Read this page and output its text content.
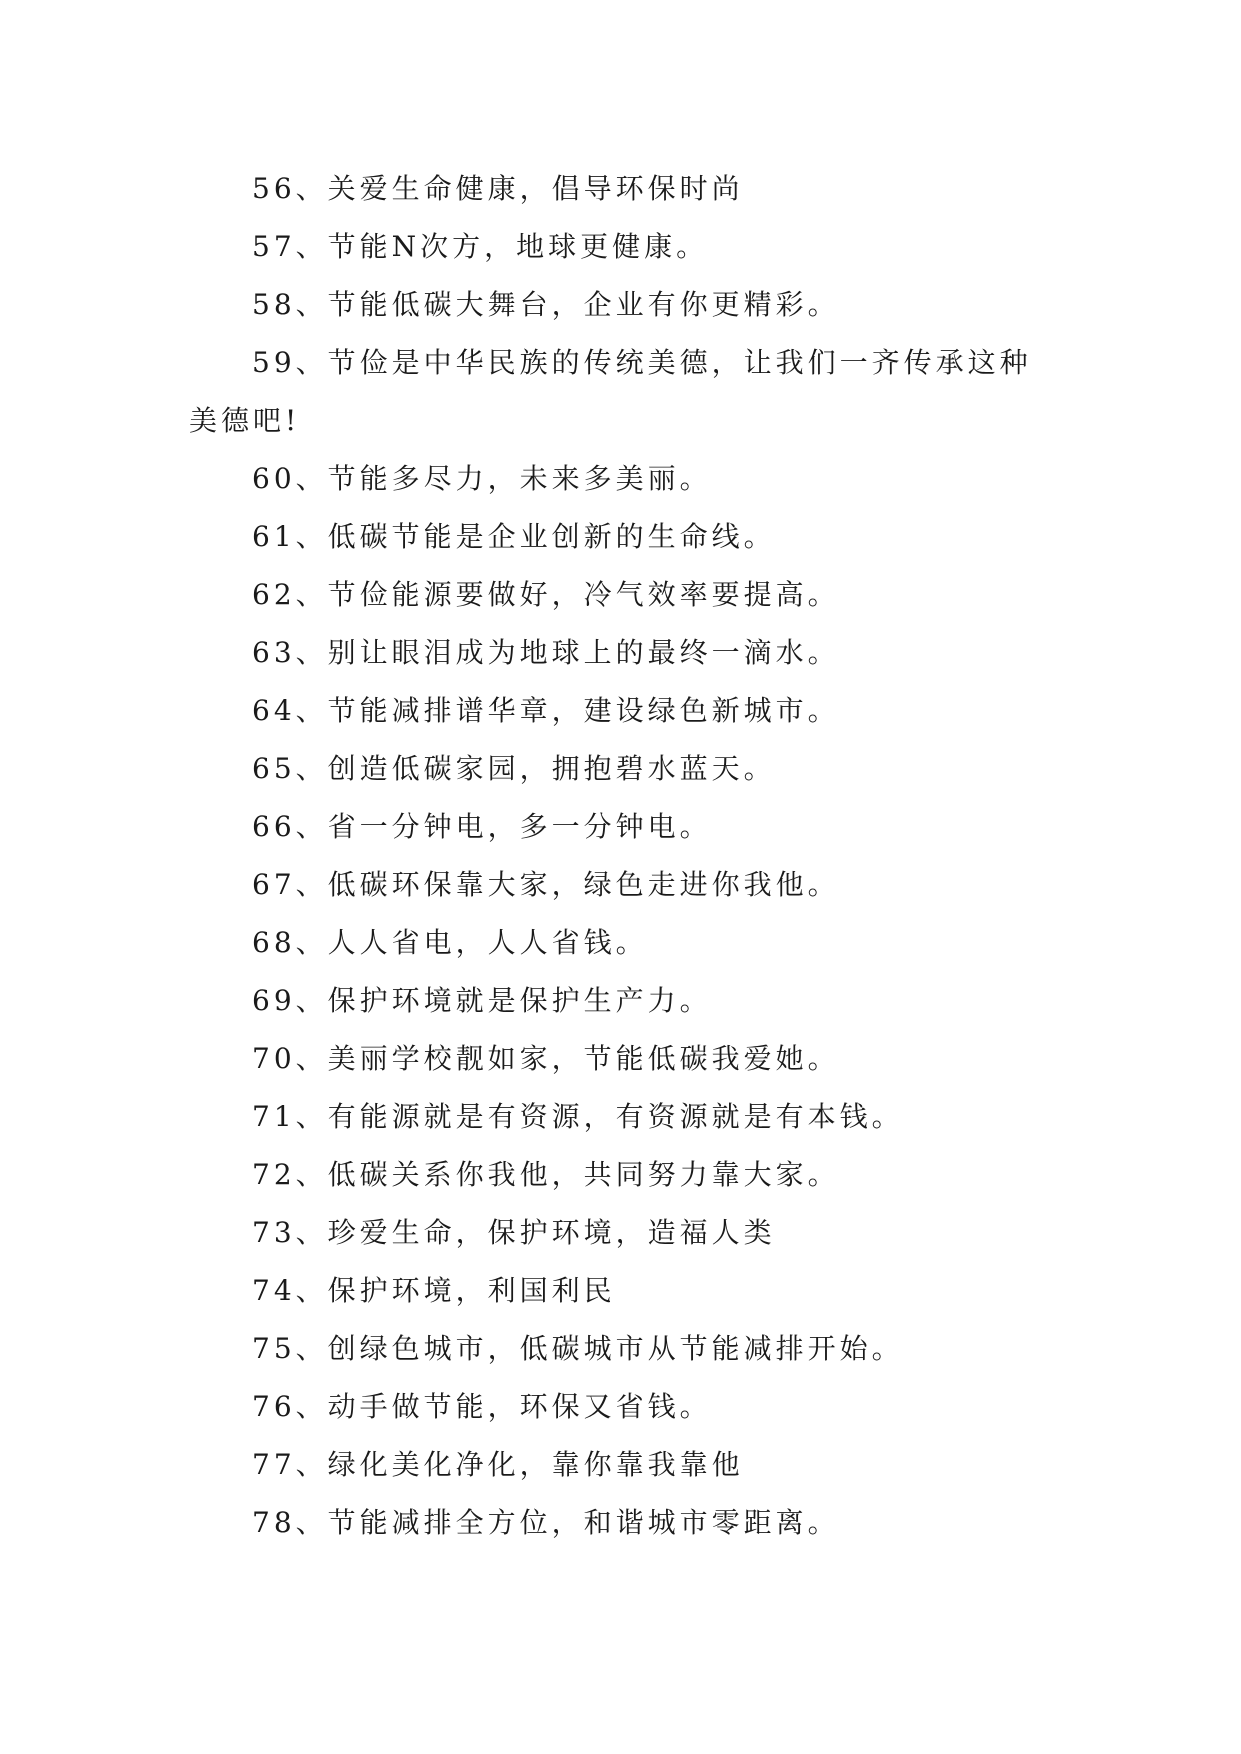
56、关爱生命健康，倡导环保时尚

57、节能N次方，地球更健康。

58、节能低碳大舞台，企业有你更精彩。

59、节俭是中华民族的传统美德，让我们一齐传承这种美德吧!

60、节能多尽力，未来多美丽。

61、低碳节能是企业创新的生命线。

62、节俭能源要做好，冷气效率要提高。

63、别让眼泪成为地球上的最终一滴水。

64、节能减排谱华章，建设绿色新城市。

65、创造低碳家园，拥抱碧水蓝天。

66、省一分钟电，多一分钟电。

67、低碳环保靠大家，绿色走进你我他。

68、人人省电，人人省钱。

69、保护环境就是保护生产力。

70、美丽学校靓如家，节能低碳我爱她。

71、有能源就是有资源，有资源就是有本钱。

72、低碳关系你我他，共同努力靠大家。

73、珍爱生命，保护环境，造福人类

74、保护环境，利国利民

75、创绿色城市，低碳城市从节能减排开始。

76、动手做节能，环保又省钱。

77、绿化美化净化，靠你靠我靠他

78、节能减排全方位，和谐城市零距离。
